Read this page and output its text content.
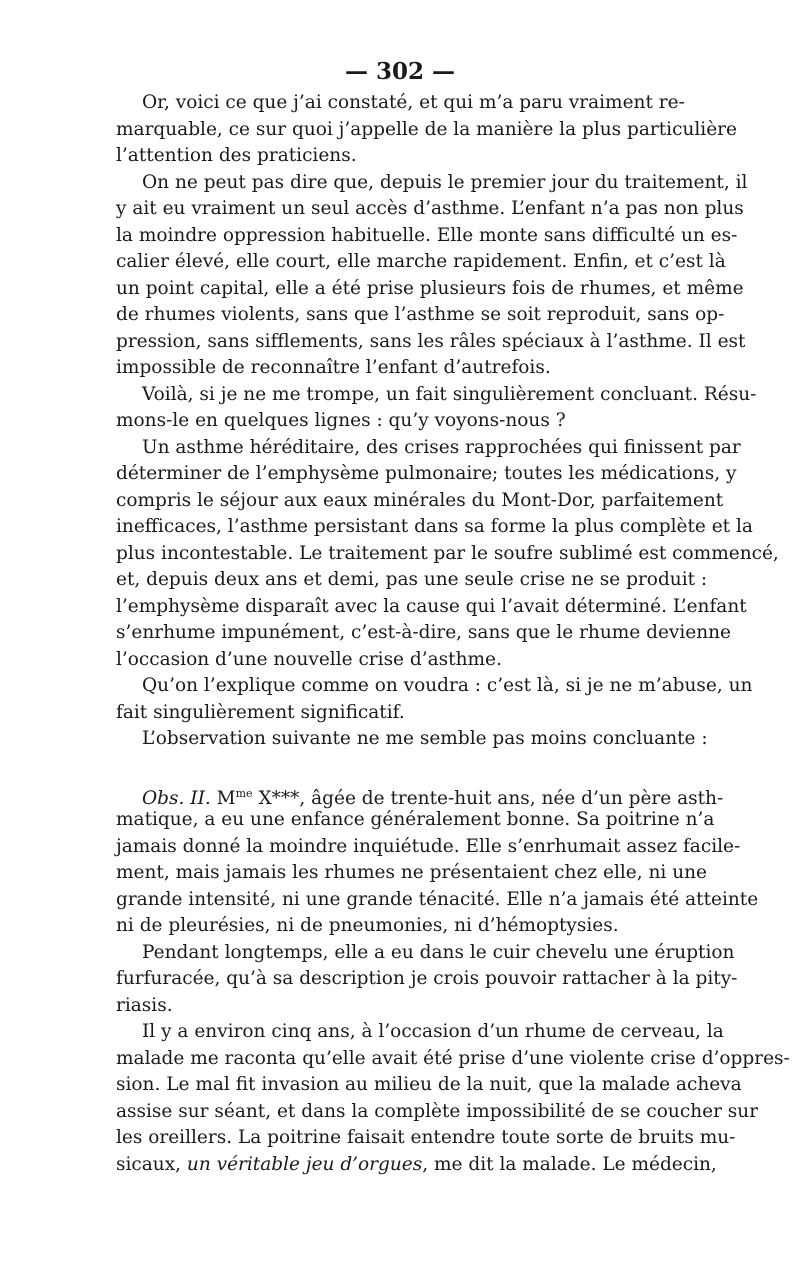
— 302 —
Or, voici ce que j’ai constaté, et qui m’a paru vraiment re-
marquable, ce sur quoi j’appelle de la manière la plus particulière
l’attention des praticiens.
On ne peut pas dire que, depuis le premier jour du traitement, il
y ait eu vraiment un seul accès d’asthme. L’enfant n’a pas non plus
la moindre oppression habituelle. Elle monte sans difficulté un es-
calier élevé, elle court, elle marche rapidement. Enfin, et c’est là
un point capital, elle a été prise plusieurs fois de rhumes, et même
de rhumes violents, sans que l’asthme se soit reproduit, sans op-
pression, sans sifflements, sans les râles spéciaux à l’asthme. Il est
impossible de reconnaître l’enfant d’autrefois.
Voilà, si je ne me trompe, un fait singulièrement concluant. Résu-
mons-le en quelques lignes : qu’y voyons-nous ?
Un asthme héréditaire, des crises rapprochées qui finissent par
déterminer de l’emphysème pulmonaire; toutes les médications, y
compris le séjour aux eaux minérales du Mont-Dor, parfaitement
inefficaces, l’asthme persistant dans sa forme la plus complète et la
plus incontestable. Le traitement par le soufre sublimé est commencé,
et, depuis deux ans et demi, pas une seule crise ne se produit :
l’emphysème disparaît avec la cause qui l’avait déterminé. L’enfant
s’enrhume impunément, c’est-à-dire, sans que le rhume devienne
l’occasion d’une nouvelle crise d’asthme.
Qu’on l’explique comme on voudra : c’est là, si je ne m’abuse, un
fait singulièrement significatif.
L’observation suivante ne me semble pas moins concluante :
Obs. II. $M^{me}$ X***, âgée de trente-huit ans, née d’un père asth-
matique, a eu une enfance généralement bonne. Sa poitrine n’a
jamais donné la moindre inquiétude. Elle s’enrhumait assez facile-
ment, mais jamais les rhumes ne présentaient chez elle, ni une
grande intensité, ni une grande ténacité. Elle n’a jamais été atteinte
ni de pleurésies, ni de pneumonies, ni d’hémoptysies.
Pendant longtemps, elle a eu dans le cuir chevelu une éruption
furfuracée, qu’à sa description je crois pouvoir rattacher à la pity-
riasis.
Il y a environ cinq ans, à l’occasion d’un rhume de cerveau, la
malade me raconta qu’elle avait été prise d’une violente crise d’oppres-
sion. Le mal fit invasion au milieu de la nuit, que la malade acheva
assise sur séant, et dans la complète impossibilité de se coucher sur
les oreillers. La poitrine faisait entendre toute sorte de bruits mu-
sicaux, un véritable jeu d’orgues, me dit la malade. Le médecin,
